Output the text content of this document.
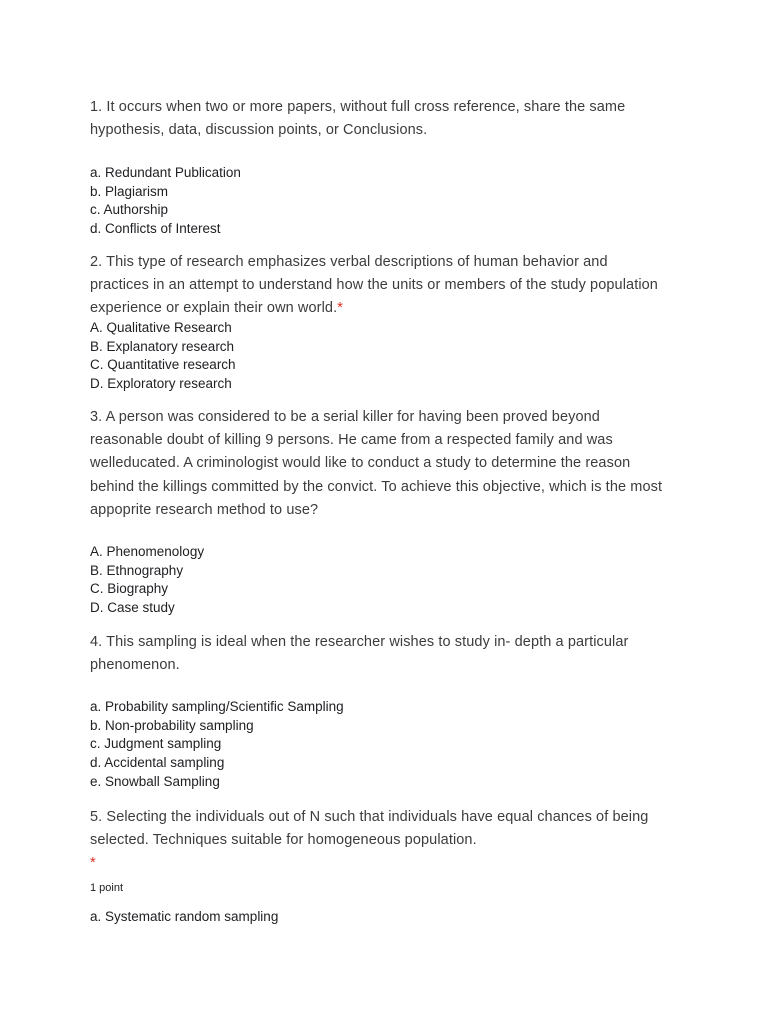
1. It occurs when two or more papers, without full cross reference, share the same
hypothesis, data, discussion points, or Conclusions.

a. Redundant Publication
b. Plagiarism
c. Authorship
d. Conflicts of Interest

2. This type of research emphasizes verbal descriptions of human behavior and
practices in an attempt to understand how the units or members of the study population
experience or explain their own world.*

A. Qualitative Research
B. Explanatory research
C. Quantitative research
D. Exploratory research

3. A person was considered to be a serial killer for having been proved beyond
reasonable doubt of killing 9 persons. He came from a respected family and was
welleducated. A criminologist would like to conduct a study to determine the reason
behind the killings committed by the convict. To achieve this objective, which is the most
appoprite research method to use?

A. Phenomenology
B. Ethnography
C. Biography
D. Case study

4. This sampling is ideal when the researcher wishes to study in- depth a particular
phenomenon.

a. Probability sampling/Scientific Sampling
b. Non-probability sampling
c. Judgment sampling
d. Accidental sampling
e. Snowball Sampling

5. Selecting the individuals out of N such that individuals have equal chances of being
selected. Techniques suitable for homogeneous population.
*

1 point

a. Systematic random sampling
